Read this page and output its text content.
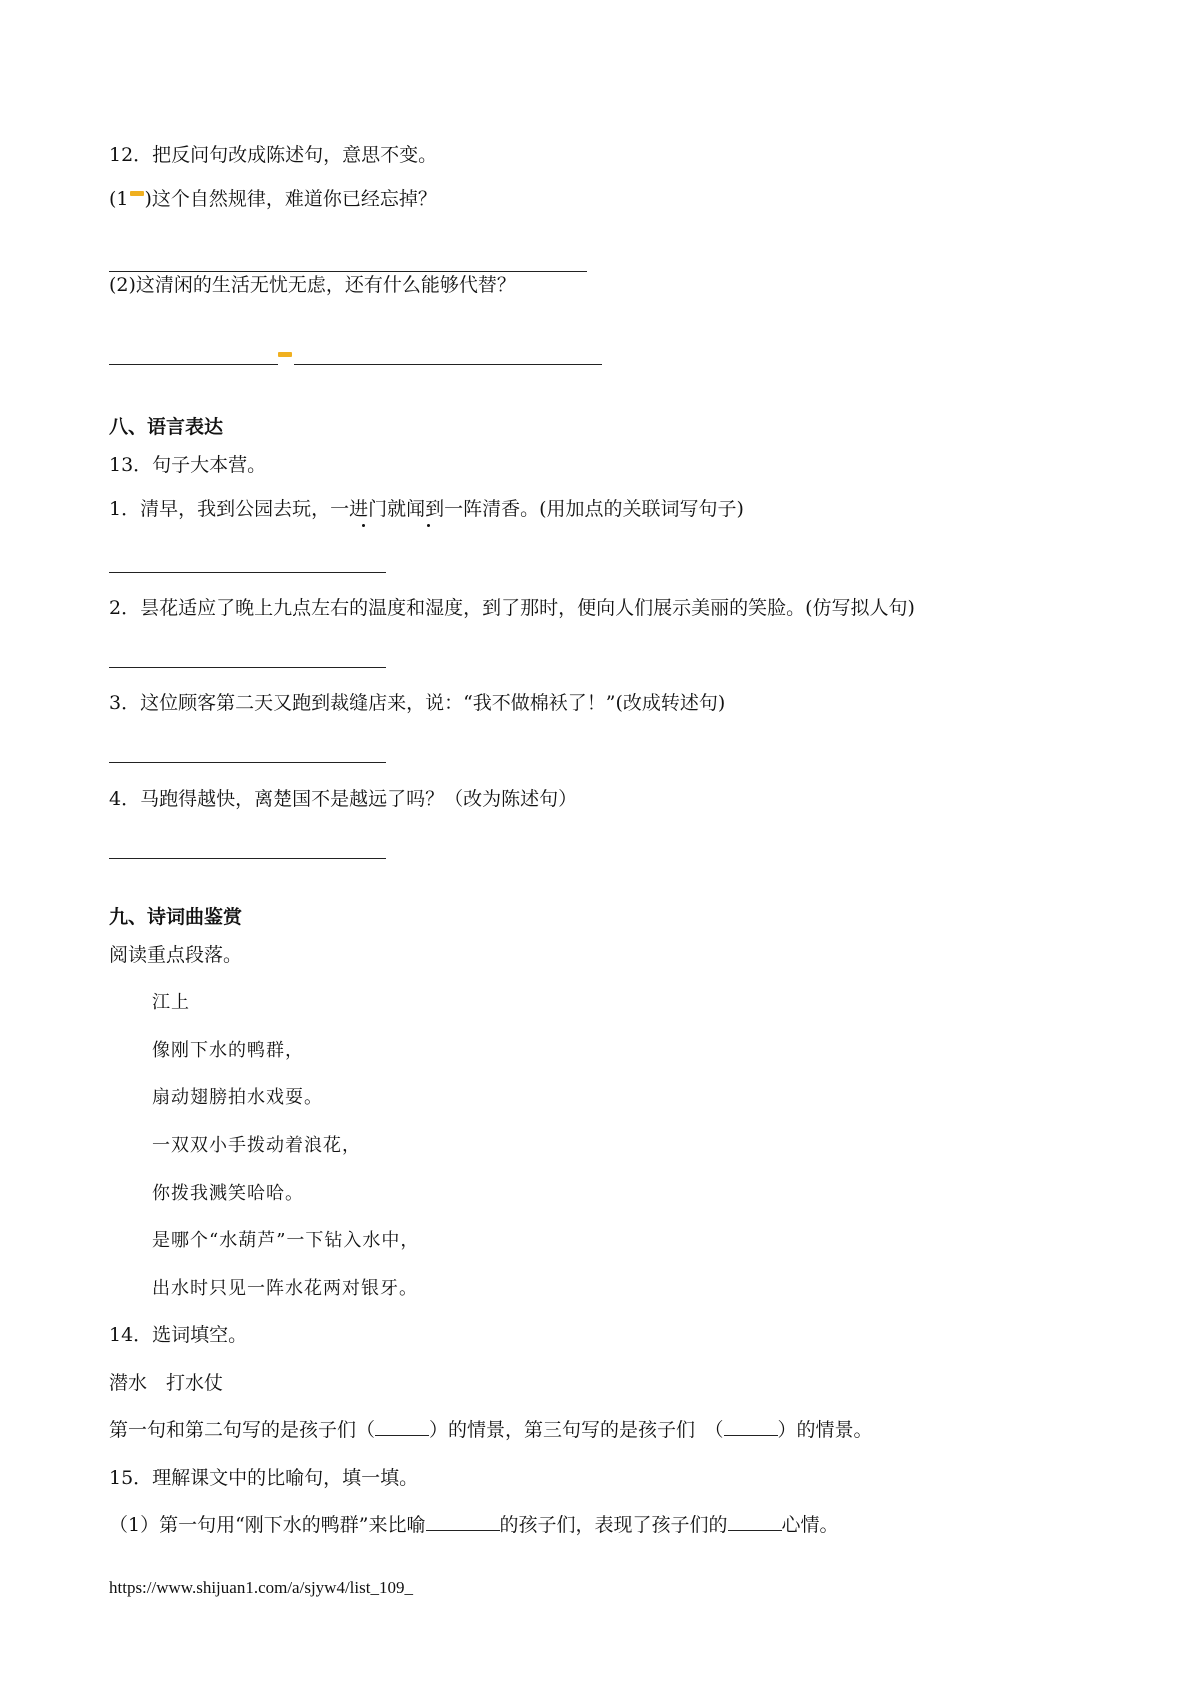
12．把反问句改成陈述句，意思不变。
(1 )这个自然规律，难道你已经忘掉？
(2)这清闲的生活无忧无虑，还有什么能够代替？
八、语言表达
13．句子大本营。
1．清早，我到公园去玩，一进门就闻到一阵清香。(用加点的关联词写句子)
2．昙花适应了晚上九点左右的温度和湿度，到了那时，便向人们展示美丽的笑脸。(仿写拟人句)
3．这位顾客第二天又跑到裁缝店来，说：“我不做棉袄了！”(改成转述句)
4．马跑得越快，离楚国不是越远了吗？（改为陈述句）
九、诗词曲鉴赏
阅读重点段落。
江上
像刚下水的鸭群，
扇动翅膀拍水戏耍。
一双双小手拨动着浪花，
你拨我溅笑哈哈。
是哪个“水葫芦”一下钻入水中，
出水时只见一阵水花两对银牙。
14．选词填空。
潜水　打水仗
第一句和第二句写的是孩子们（	）的情景，第三句写的是孩子们　（	）的情景。
15．理解课文中的比喻句，填一填。
（1）第一句用“刚下水的鸭群”来比喻	的孩子们，表现了孩子们的	心情。
https://www.shijuan1.com/a/sjyw4/list_109_
